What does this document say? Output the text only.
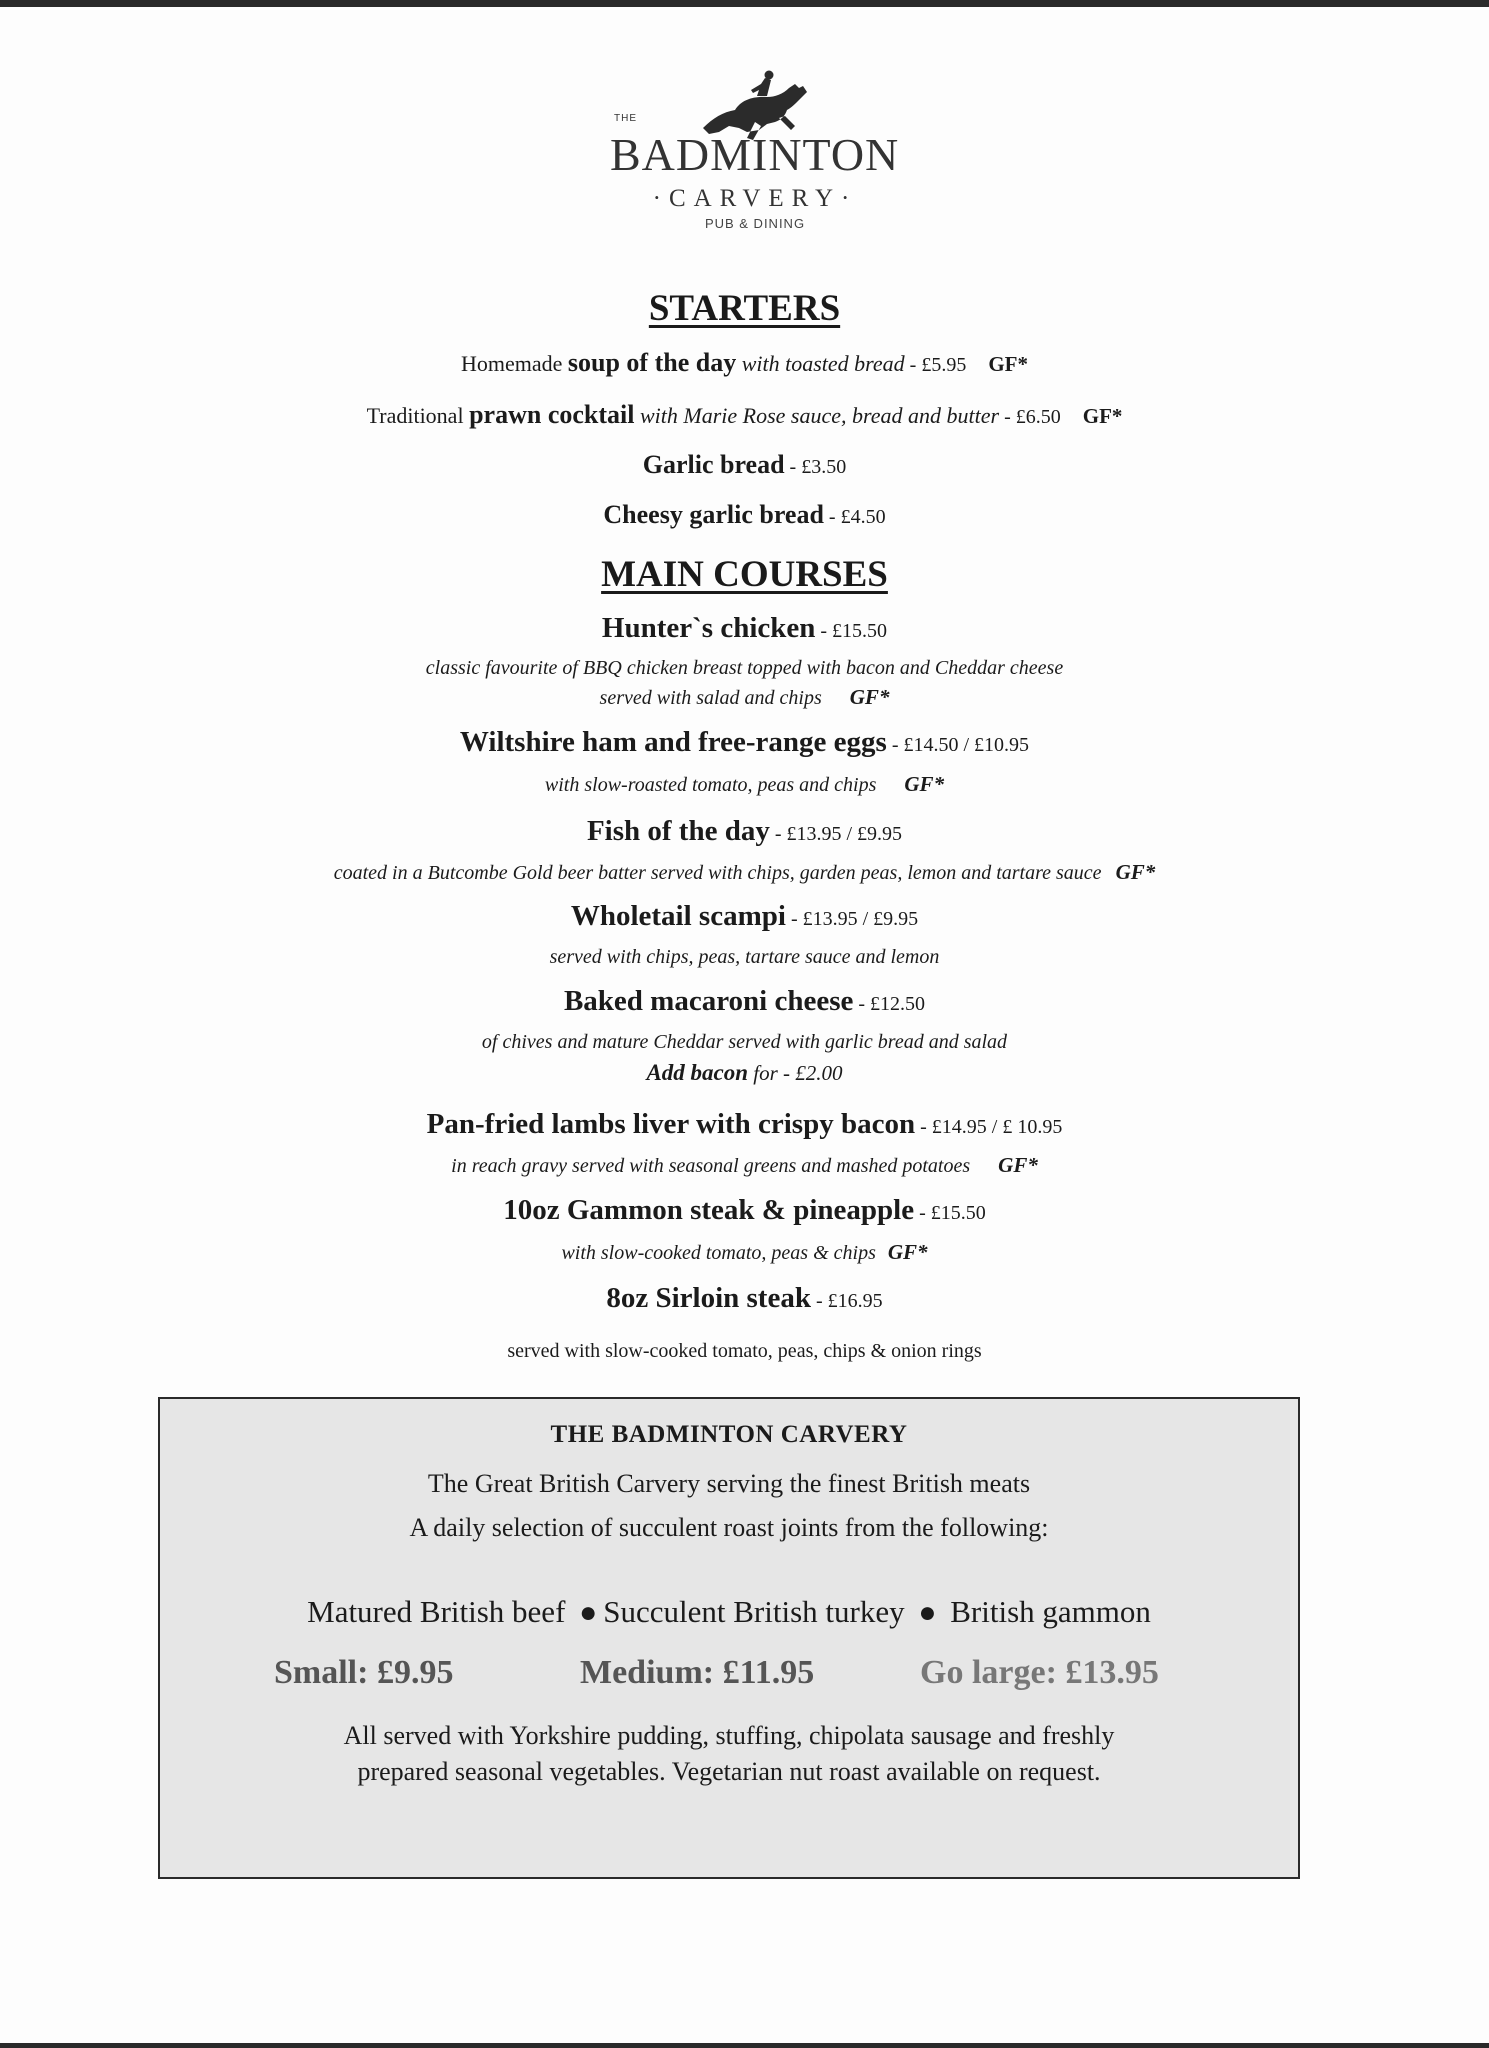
THE
BADMINTON
·CARVERY·
PUB & DINING
STARTERS
Homemade soup of the day with toasted bread - £5.95 GF*
Traditional prawn cocktail with Marie Rose sauce, bread and butter - £6.50 GF*
Garlic bread - £3.50
Cheesy garlic bread - £4.50
MAIN COURSES
Hunter`s chicken - £15.50
classic favourite of BBQ chicken breast topped with bacon and Cheddar cheese
served with salad and chips GF*
Wiltshire ham and free-range eggs - £14.50 / £10.95
with slow-roasted tomato, peas and chips GF*
Fish of the day - £13.95 / £9.95
coated in a Butcombe Gold beer batter served with chips, garden peas, lemon and tartare sauce GF*
Wholetail scampi - £13.95 / £9.95
served with chips, peas, tartare sauce and lemon
Baked macaroni cheese - £12.50
of chives and mature Cheddar served with garlic bread and salad
Add bacon for - £2.00
Pan-fried lambs liver with crispy bacon - £14.95 / £ 10.95
in reach gravy served with seasonal greens and mashed potatoes GF*
10oz Gammon steak & pineapple - £15.50
with slow-cooked tomato, peas & chips GF*
8oz Sirloin steak - £16.95
served with slow-cooked tomato, peas, chips & onion rings
THE BADMINTON CARVERY
The Great British Carvery serving the finest British meats
A daily selection of succulent roast joints from the following:
Matured British beef ● Succulent British turkey ● British gammon
Small: £9.95	Medium: £11.95	Go large: £13.95
All served with Yorkshire pudding, stuffing, chipolata sausage and freshly
prepared seasonal vegetables. Vegetarian nut roast available on request.
